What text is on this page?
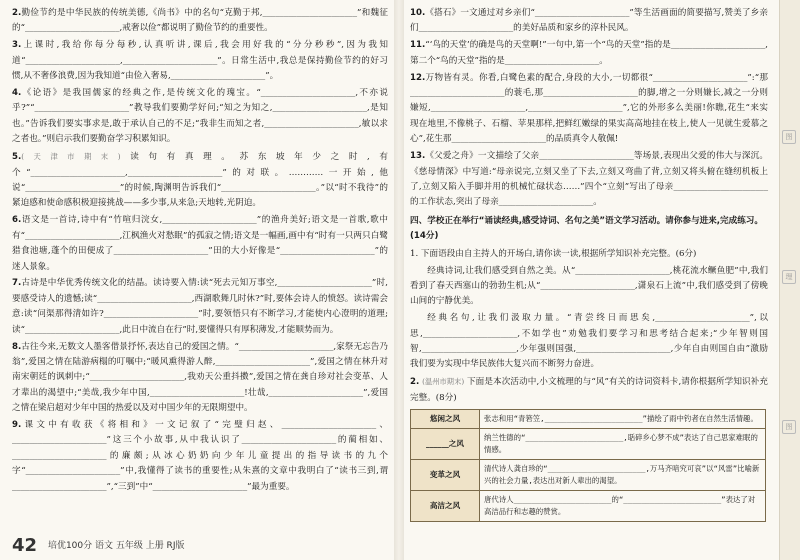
2.勤俭节约是中华民族的传统美德,《尚书》中的名句“克勤于邦,______________________”和魏征的“______________________,戒奢以俭”都说明了勤俭节约的重要性。

3.上课时,我给你每分每秒,认真听讲,课后,我会用好我的“分分秒秒”,因为我知道“______________________,______________________”。日常生活中,我总是保持勤俭节约的好习惯,从不奢侈浪费,因为我知道“由俭入奢易,______________________”。

4.《论语》是我国儒家的经典之作,是传统文化的瑰宝。“______________________,不亦说乎?”“______________________”教导我们要勤学好问;“知之为知之,______________________,是知也。”告诉我们要实事求是,敢于承认自己的不足;“我非生而知之者,______________________,敏以求之者也。”则启示我们要勤奋学习积累知识。

5.(天津市期末)读句有真理。苏东坡年少之时,有个“______________________,______________________”的对联。…………一开始,他说“______________________”的时候,陶渊明告诉我们“______________________。”以“时不我待”的紧迫感和使命感积极迎接挑战——多少事,从来急;天地转,光阴迫。

6.语文是一首诗,诗中有“竹喧归浣女,______________________”的渔舟美好;语文是一首歌,歌中有“______________________,江枫渔火对愁眠”的孤寂之情;语文是一幅画,画中有“时有一只两只白鹭猎食池塘,蓬个的田便成了______________________”田的大小好像是“______________________”的迷人景象。

7.古诗是中华优秀传统文化的结晶。读诗要入情:读“死去元知万事空,______________________”时,要感受诗人的遗憾;读“______________________,西湖歌舞几时休?”时,要体会诗人的愤怒。读诗需会意:读“问渠那得清如许?______________________”时,要领悟只有不断学习,才能使内心澄明的道理;读“______________________,此日中流自在行”时,要懂得只有厚积薄发,才能顺势而为。

8.古往今来,无数文人墨客借景抒怀,表达自己的爱国之情。“______________________,家祭无忘告乃翁”,爱国之情在陆游病榻的叮嘱中;“暖风熏得游人醉,______________________”,爱国之情在林升对南宋朝廷的讽刺中;“______________________,我劝天公重抖擞”,爱国之情在龚自珍对社会变革、人才辈出的渴望中;“美哉,我少年中国,______________________!壮哉,______________________”,爱国之情在梁启超对少年中国的热爱以及对中国少年的无限期望中。

9.课文中有收获《将相和》一文记叙了“完璧归赵、______________________、______________________”这三个小故事,从中我认识了______________________的蔺相如、______________________的廉颇;从冰心奶奶向少年儿童提出的指导读书的九个字“______________________”中,我懂得了读书的重要性;从朱熹的文章中我明白了“读书三到,谓______________________”,“三到”中“______________________”最为重要。

10.《搭石》一文通过对乡亲们“______________________”等生活画面的简要描写,赞美了乡亲们______________________的美好品质和家乡的淳朴民风。

11.“‘鸟的天堂’的确是鸟的天堂啊!”一句中,第一个“鸟的天堂”指的是______________________,第二个“鸟的天堂”指的是______________________。

12.万物皆有灵。你看,白鹭色素的配合,身段的大小,一切都很“______________________”:“那______________________的蓑毛,那______________________的脚,增之一分则嫌长,减之一分则嫌短,______________________,______________________”,它的外形多么美丽!你瞧,花生“来实现在地里,不像桃子、石榴、苹果那样,把鲜红嫩绿的果实高高地挂在枝上,使人一见就生爱慕之心”,花生那______________________的品质真令人敬佩!

13.《父爱之舟》一文描绘了父亲______________________等场景,表现出父爱的伟大与深沉。《慈母情深》中写道:“母亲说完,立刻又坐了下去,立刻又弯曲了背,立刻又将头俯在缝纫机板上了,立刻又陷入手脚并用的机械忙碌状态……”四个“立刻”写出了母亲______________________的工作状态,突出了母亲______________________。

四、学校正在举行“诵读经典,感受诗词、名句之美”语文学习活动。请你参与进来,完成练习。(14分)

1. 下面语段由自主持人的开场白,请你读一读,根据所学知识补充完整。(6分)

经典诗词,让我们感受到自然之美。从“______________________,桃花流水鳜鱼肥”中,我们看到了春天西塞山的勃勃生机;从“______________________,潇泉石上流”中,我们感受到了傍晚山间的宁静优美。

经典名句,让我们汲取力量。“青尝终日而思矣,______________________”,以思,______________________,不如学也”劝勉我们要学习和思考结合起来;“少年智则国智,______________________,少年强则国强,______________________,少年自由则国自由”激励我们要为实现中华民族伟大复兴而不断努力奋进。

2. (温州市期末) 下面是本次活动中,小文梳理的与“风”有关的诗词资料卡,请你根据所学知识补充完整。(8分)

悠闲之风	张志和用“青箬笠,______________________”描绘了雨中钓者在自然生活情趣。
______之风	纳兰性德的“______________________,聒碎乡心梦不成”表达了自己思家难眠的情感。
变革之风	清代诗人龚自珍的“______________________,万马齐喑究可哀”以“风雷”比喻新兴的社会力量,表达出对新人辈出的渴望。
高洁之风	唐代诗人______________________的“______________________”表达了对高洁品行和志趣的赞赏。
图
理
图
42 培优100分 语文 五年级 上册 RJ版
